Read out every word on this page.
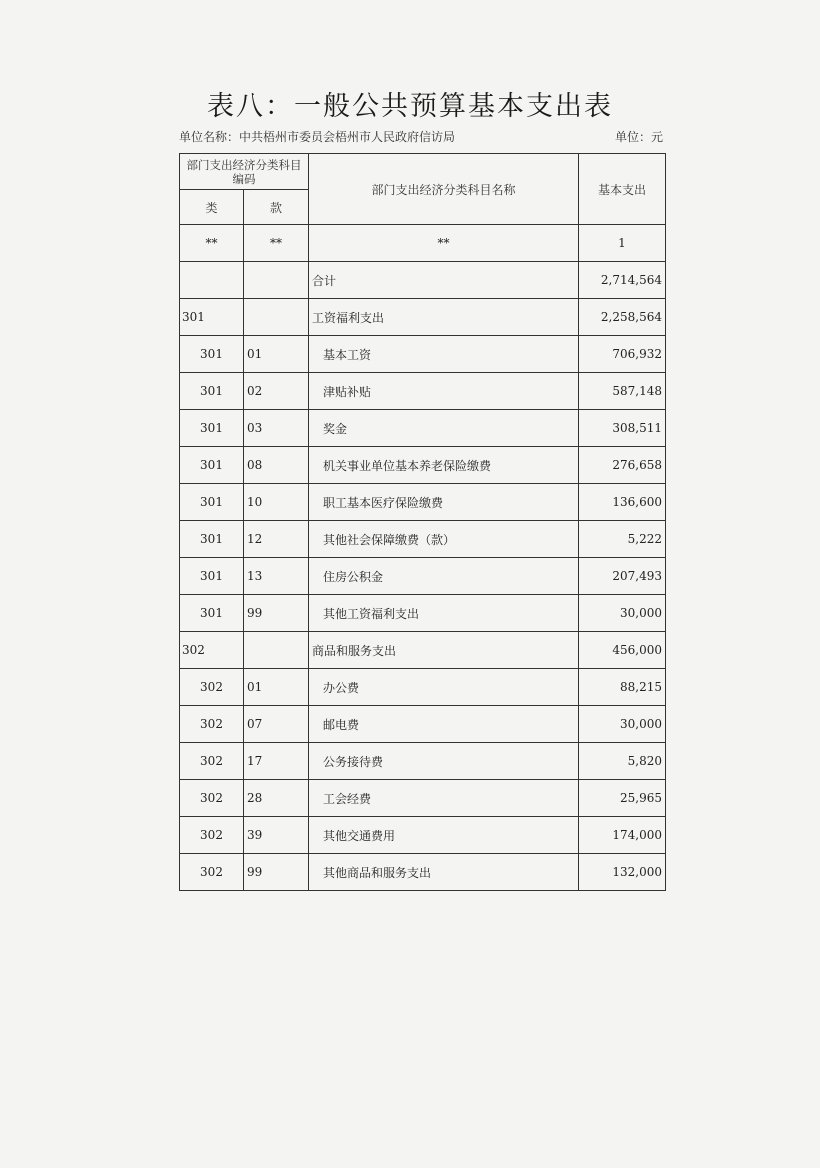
表八：一般公共预算基本支出表
单位名称：中共梧州市委员会梧州市人民政府信访局	单位：元
部门支出经济分类科目编码		部门支出经济分类科目名称	基本支出
类	款		
**	**	**	1
		合计	2,714,564
301		工资福利支出	2,258,564
301	01	基本工资	706,932
301	02	津贴补贴	587,148
301	03	奖金	308,511
301	08	机关事业单位基本养老保险缴费	276,658
301	10	职工基本医疗保险缴费	136,600
301	12	其他社会保障缴费（款）	5,222
301	13	住房公积金	207,493
301	99	其他工资福利支出	30,000
302		商品和服务支出	456,000
302	01	办公费	88,215
302	07	邮电费	30,000
302	17	公务接待费	5,820
302	28	工会经费	25,965
302	39	其他交通费用	174,000
302	99	其他商品和服务支出	132,000
